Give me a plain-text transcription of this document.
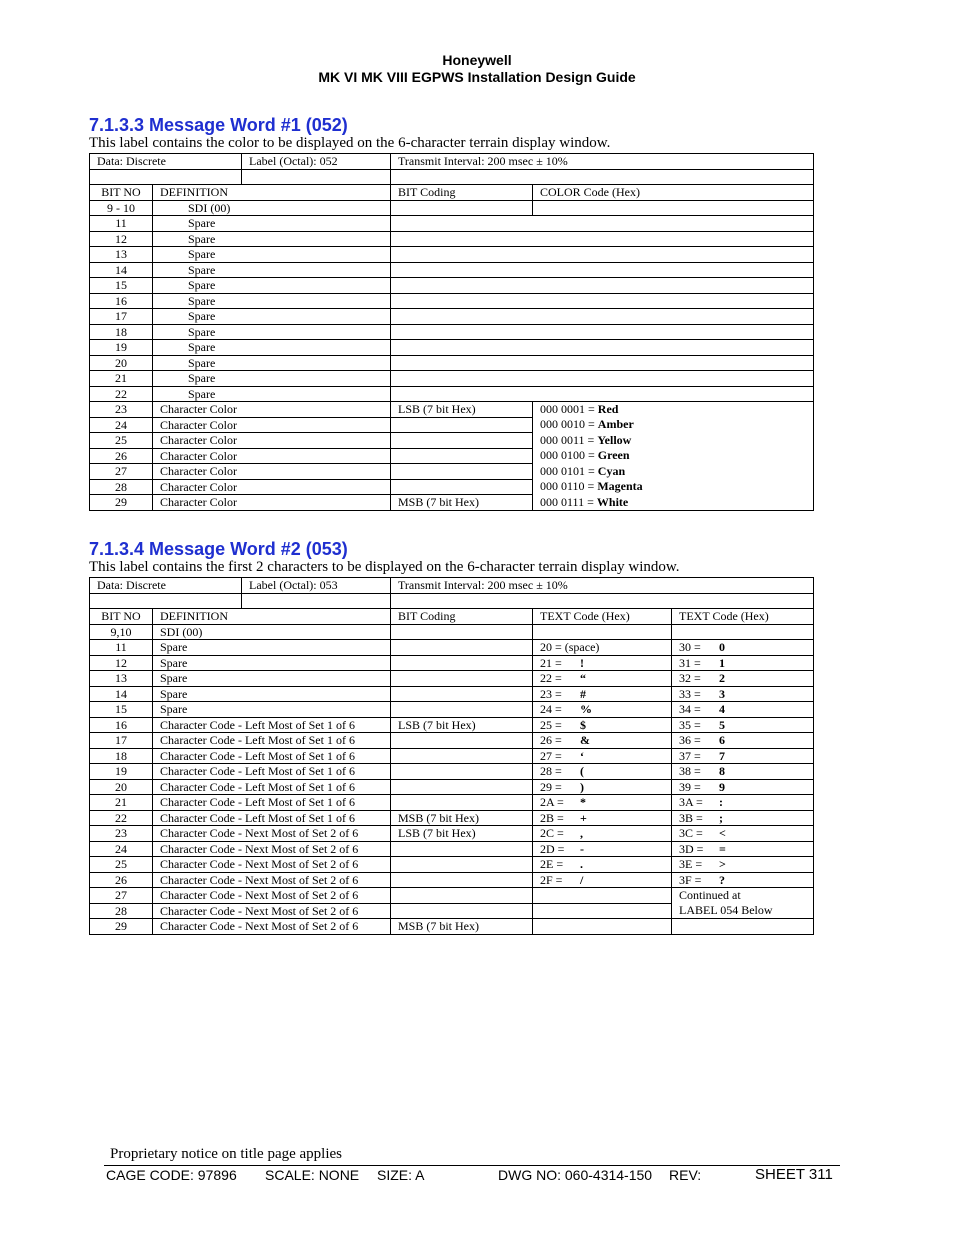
Honeywell
MK VI MK VIII EGPWS Installation Design Guide
7.1.3.3 Message Word #1 (052)
This label contains the color to be displayed on the 6-character terrain display window.
Data: Discrete		Label (Octal): 052	Transmit Interval: 200 msec ± 10%	

BIT NO	DEFINITION		BIT Coding	COLOR Code (Hex)
9 - 10	SDI (00)			
11	Spare			
12	Spare			
13	Spare			
14	Spare			
15	Spare			
16	Spare			
17	Spare			
18	Spare			
19	Spare			
20	Spare			
21	Spare			
22	Spare			
23	Character Color		LSB (7 bit Hex)	000 0001 = Red
24	Character Color			000 0010 = Amber
25	Character Color			000 0011 = Yellow
26	Character Color			000 0100 = Green
27	Character Color			000 0101 = Cyan
28	Character Color			000 0110 = Magenta
29	Character Color		MSB (7 bit Hex)	000 0111 = White
7.1.3.4 Message Word #2 (053)
This label contains the first 2 characters to be displayed on the 6-character terrain display window.
Data: Discrete		Label (Octal): 053	Transmit Interval: 200 msec ± 10%		

BIT NO	DEFINITION		BIT Coding	TEXT Code (Hex)	TEXT Code (Hex)
9,10	SDI (00)				
11	Spare			20 = (space)	30 = 0
12	Spare			21 = !	31 = 1
13	Spare			22 = “	32 = 2
14	Spare			23 = #	33 = 3
15	Spare			24 = %	34 = 4
16	Character Code - Left Most of Set 1 of 6		LSB (7 bit Hex)	25 = $	35 = 5
17	Character Code - Left Most of Set 1 of 6			26 = &	36 = 6
18	Character Code - Left Most of Set 1 of 6			27 = ‘	37 = 7
19	Character Code - Left Most of Set 1 of 6			28 = (	38 = 8
20	Character Code - Left Most of Set 1 of 6			29 = )	39 = 9
21	Character Code - Left Most of Set 1 of 6			2A = *	3A = :
22	Character Code - Left Most of Set 1 of 6		MSB (7 bit Hex)	2B = +	3B = ;
23	Character Code - Next Most of Set 2 of 6		LSB (7 bit Hex)	2C = ,	3C = <
24	Character Code - Next Most of Set 2 of 6			2D = -	3D = =
25	Character Code - Next Most of Set 2 of 6			2E = .	3E = >
26	Character Code - Next Most of Set 2 of 6			2F = /	3F = ?
27	Character Code - Next Most of Set 2 of 6				Continued at
28	Character Code - Next Most of Set 2 of 6				LABEL 054 Below
29	Character Code - Next Most of Set 2 of 6		MSB (7 bit Hex)		
Proprietary notice on title page applies
CAGE CODE: 97896 SCALE: NONE SIZE: A	DWG NO: 060-4314-150 REV:	SHEET 311
